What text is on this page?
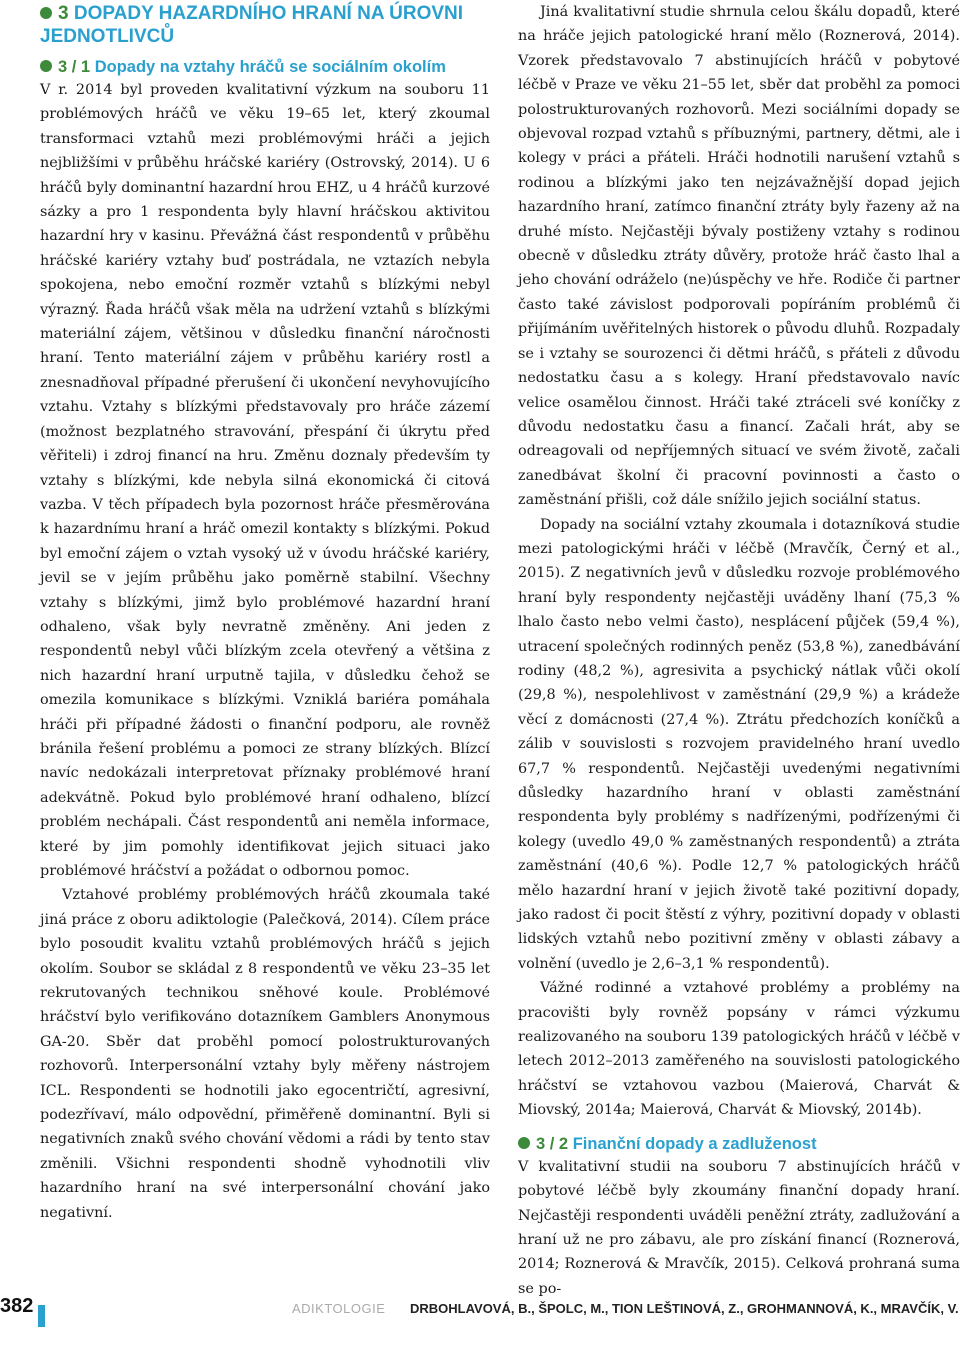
3 DOPADY HAZARDNÍHO HRANÍ NA ÚROVNI JEDNOTLIVCŮ
3 / 1 Dopady na vztahy hráčů se sociálním okolím

V r. 2014 byl proveden kvalitativní výzkum na souboru 11 problémových hráčů ve věku 19–65 let, který zkoumal transformaci vztahů mezi problémovými hráči a jejich nejbližšími v průběhu hráčské kariéry (Ostrovský, 2014). U 6 hráčů byly dominantní hazardní hrou EHZ, u 4 hráčů kurzové sázky a pro 1 respondenta byly hlavní hráčskou aktivitou hazardní hry v kasinu. Převážná část respondentů v průběhu hráčské kariéry vztahy buď postrádala, ne vztazích nebyla spokojena, nebo emoční rozměr vztahů s blízkými nebyl výrazný. Řada hráčů však měla na udržení vztahů s blízkými materiální zájem, většinou v důsledku finanční náročnosti hraní. Tento materiální zájem v průběhu kariéry rostl a znesnadňoval případné přerušení či ukončení nevyhovujícího vztahu. Vztahy s blízkými představovaly pro hráče zázemí (možnost bezplatného stravování, přespání či úkrytu před věřiteli) i zdroj financí na hru. Změnu doznaly především ty vztahy s blízkými, kde nebyla silná ekonomická či citová vazba. V těch případech byla pozornost hráče přesměrována k hazardnímu hraní a hráč omezil kontakty s blízkými. Pokud byl emoční zájem o vztah vysoký už v úvodu hráčské kariéry, jevil se v jejím průběhu jako poměrně stabilní. Všechny vztahy s blízkými, jimž bylo problémové hazardní hraní odhaleno, však byly nevratně změněny. Ani jeden z respondentů nebyl vůči blízkým zcela otevřený a většina z nich hazardní hraní urputně tajila, v důsledku čehož se omezila komunikace s blízkými. Vzniklá bariéra pomáhala hráči při případné žádosti o finanční podporu, ale rovněž bránila řešení problému a pomoci ze strany blízkých. Blízcí navíc nedokázali interpretovat příznaky problémové hraní adekvátně. Pokud bylo problémové hraní odhaleno, blízcí problém nechápali. Část respondentů ani neměla informace, které by jim pomohly identifikovat jejich situaci jako problémové hráčství a požádat o odbornou pomoc.

Vztahové problémy problémových hráčů zkoumala také jiná práce z oboru adiktologie (Palečková, 2014). Cílem práce bylo posoudit kvalitu vztahů problémových hráčů s jejich okolím. Soubor se skládal z 8 respondentů ve věku 23–35 let rekrutovaných technikou sněhové koule. Problémové hráčství bylo verifikováno dotazníkem Gamblers Anonymous GA-20. Sběr dat proběhl pomocí polostrukturovaných rozhovorů. Interpersonální vztahy byly měřeny nástrojem ICL. Respondenti se hodnotili jako egocentričtí, agresivní, podezřívaví, málo odpovědní, přiměřeně dominantní. Byli si negativních znaků svého chování vědomi a rádi by tento stav změnili. Všichni respondenti shodně vyhodnotili vliv hazardního hraní na své interpersonální chování jako negativní.

Jiná kvalitativní studie shrnula celou škálu dopadů, které na hráče jejich patologické hraní mělo (Roznerová, 2014). Vzorek představovalo 7 abstinujících hráčů v pobytové léčbě v Praze ve věku 21–55 let, sběr dat proběhl za pomoci polostrukturovaných rozhovorů. Mezi sociálními dopady se objevoval rozpad vztahů s příbuznými, partnery, dětmi, ale i kolegy v práci a přáteli. Hráči hodnotili narušení vztahů s rodinou a blízkými jako ten nejzávažnější dopad jejich hazardního hraní, zatímco finanční ztráty byly řazeny až na druhé místo. Nejčastěji bývaly postiženy vztahy s rodinou obecně v důsledku ztráty důvěry, protože hráč často lhal a jeho chování odráželo (ne)úspěchy ve hře. Rodiče či partner často také závislost podporovali popíráním problémů či přijímáním uvěřitelných historek o původu dluhů. Rozpadaly se i vztahy se sourozenci či dětmi hráčů, s přáteli z důvodu nedostatku času a s kolegy. Hraní představovalo navíc velice osamělou činnost. Hráči také ztráceli své koníčky z důvodu nedostatku času a financí. Začali hrát, aby se odreagovali od nepříjemných situací ve svém životě, začali zanedbávat školní či pracovní povinnosti a často o zaměstnání přišli, což dále snížilo jejich sociální status.

Dopady na sociální vztahy zkoumala i dotazníková studie mezi patologickými hráči v léčbě (Mravčík, Černý et al., 2015). Z negativních jevů v důsledku rozvoje problémového hraní byly respondenty nejčastěji uváděny lhaní (75,3 % lhalo často nebo velmi často), nesplácení půjček (59,4 %), utracení společných rodinných peněz (53,8 %), zanedbávání rodiny (48,2 %), agresivita a psychický nátlak vůči okolí (29,8 %), nespolehlivost v zaměstnání (29,9 %) a krádeže věcí z domácnosti (27,4 %). Ztrátu předchozích koníčků a zálib v souvislosti s rozvojem pravidelného hraní uvedlo 67,7 % respondentů. Nejčastěji uvedenými negativními důsledky hazardního hraní v oblasti zaměstnání respondenta byly problémy s nadřízenými, podřízenými či kolegy (uvedlo 49,0 % zaměstnaných respondentů) a ztráta zaměstnání (40,6 %). Podle 12,7 % patologických hráčů mělo hazardní hraní v jejich životě také pozitivní dopady, jako radost či pocit štěstí z výhry, pozitivní dopady v oblasti lidských vztahů nebo pozitivní změny v oblasti zábavy a volnění (uvedlo je 2,6–3,1 % respondentů).

Vážné rodinné a vztahové problémy a problémy na pracovišti byly rovněž popsány v rámci výzkumu realizovaného na souboru 139 patologických hráčů v léčbě v letech 2012–2013 zaměřeného na souvislosti patologického hráčství se vztahovou vazbou (Maierová, Charvát & Miovský, 2014a; Maierová, Charvát & Miovský, 2014b).

3 / 2 Finanční dopady a zadluženost

V kvalitativní studii na souboru 7 abstinujících hráčů v pobytové léčbě byly zkoumány finanční dopady hraní. Nejčastěji respondenti uváděli peněžní ztráty, zadlužování a hraní už ne pro zábavu, ale pro získání financí (Roznerová, 2014; Roznerová & Mravčík, 2015). Celková prohraná suma se po-

382	ADIKTOLOGIE DRBOHLAVOVÁ, B., ŠPOLC, M., TION LEŠTINOVÁ, Z., GROHMANNOVÁ, K., MRAVČÍK, V.
